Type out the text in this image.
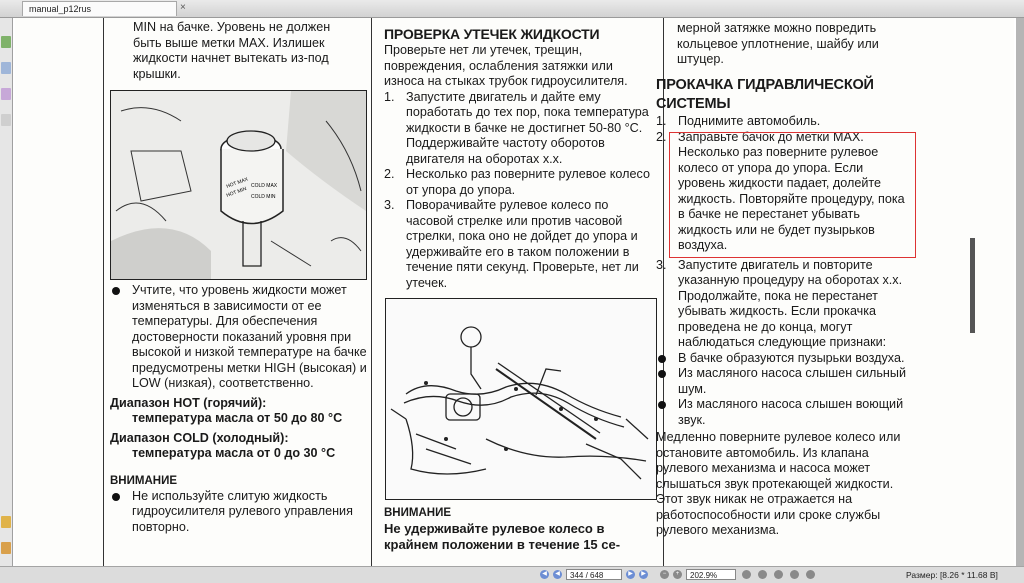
manual_p12rus	×

MIN на бачке. Уровень не должен

быть выше метки MAX. Излишек

жидкости начнет вытекать из-под

крышки.

HOT MAX COLD MAX
HOT MIN COLD MIN

Учтите, что уровень жидкости может изменяться в зависимости от ее температуры. Для обеспечения достоверности показаний уровня при высокой и низкой температуре на бачке предусмотрены метки HIGH (высокая) и LOW (низкая), соответственно.

Диапазон HOT (горячий):

температура масла от 50 до 80 °C

Диапазон COLD (холодный):

температура масла от 0 до 30 °C

ВНИМАНИЕ

Не используйте слитую жидкость гидроусилителя рулевого управления повторно.

ПРОВЕРКА УТЕЧЕК ЖИДКОСТИ

Проверьте нет ли утечек, трещин, повреждения, ослабления затяжки или износа на стыках трубок гидроусилителя.

1. Запустите двигатель и дайте ему поработать до тех пор, пока температура жидкости в бачке не достигнет 50-80 °C. Поддерживайте частоту оборотов двигателя на оборотах х.х.
2. Несколько раз поверните рулевое колесо от упора до упора.
3. Поворачивайте рулевое колесо по часовой стрелке или против часовой стрелки, пока оно не дойдет до упора и удерживайте его в таком положении в течение пяти секунд. Проверьте, нет ли утечек.

ВНИМАНИЕ

Не удерживайте рулевое колесо в крайнем положении в течение 15 се-

мерной затяжке можно повредить кольцевое уплотнение, шайбу или штуцер.

ПРОКАЧКА ГИДРАВЛИЧЕСКОЙ

СИСТЕМЫ

1. Поднимите автомобиль.
2. Заправьте бачок до метки MAX. Несколько раз поверните рулевое колесо от упора до упора. Если уровень жидкости падает, долейте жидкость. Повторяйте процедуру, пока в бачке не перестанет убывать жидкость или не будет пузырьков воздуха.
3. Запустите двигатель и повторите указанную процедуру на оборотах х.х. Продолжайте, пока не перестанет убывать жидкость. Если прокачка проведена не до конца, могут наблюдаться следующие признаки:

В бачке образуются пузырьки воздуха.

Из масляного насоса слышен сильный шум.

Из масляного насоса слышен воющий звук.

Медленно поверните рулевое колесо или остановите автомобиль. Из клапана рулевого механизма и насоса может слышаться звук протекающей жидкости. Этот звук никак не отражается на работоспособности или сроке службы рулевого механизма.

◀	◀	344 / 648	▶	▶	−	+	202.9%	Размер: [8.26 * 11.68 В]
